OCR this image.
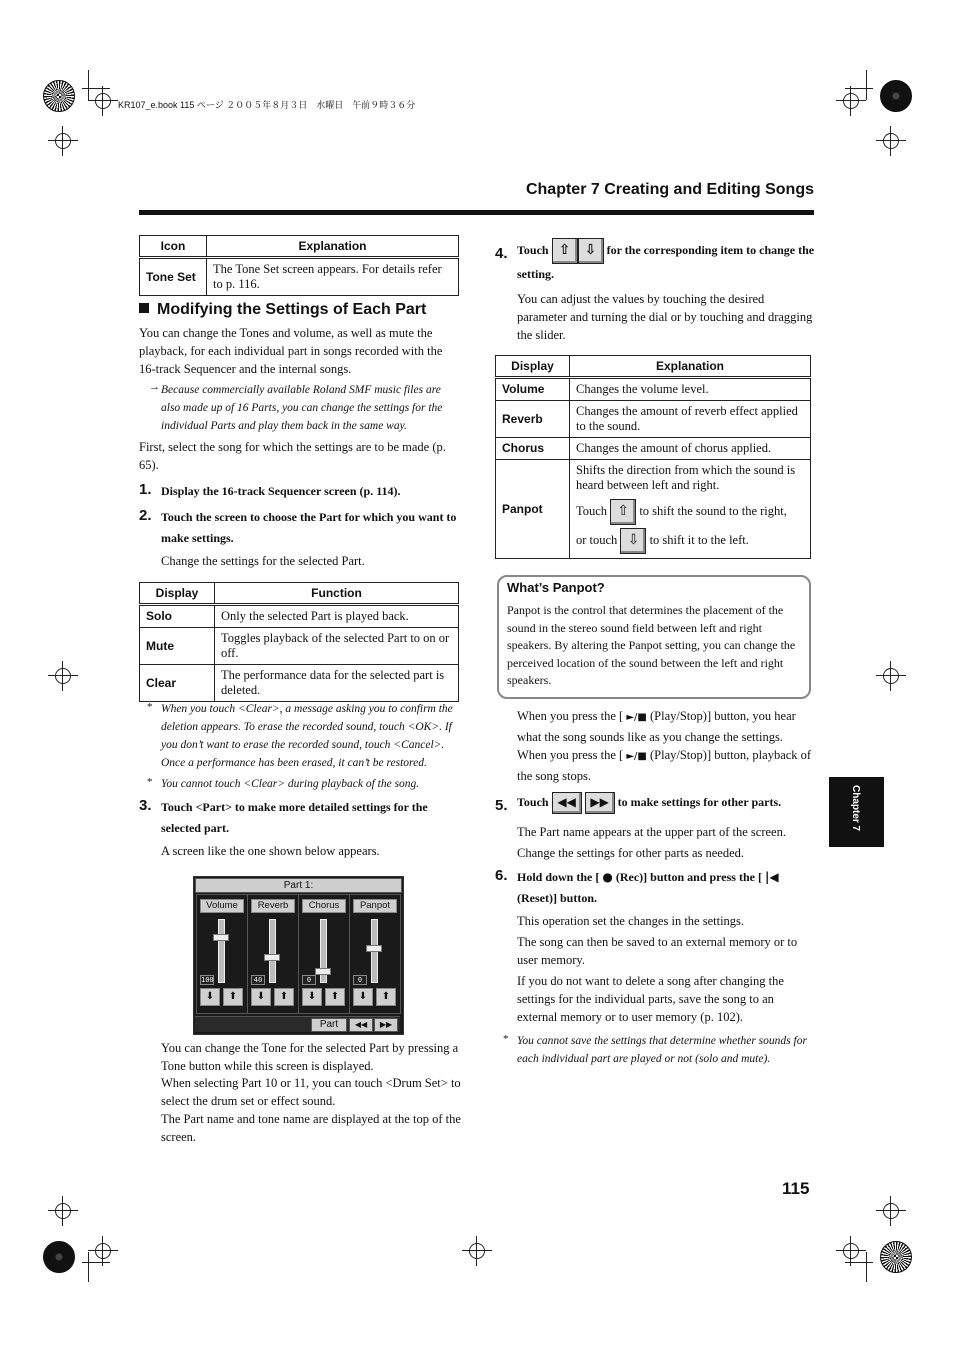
KR107_e.book 115 ページ ２００５年８月３日　水曜日　午前９時３６分
Chapter 7 Creating and Editing Songs
Chapter 7
115
Icon	Explanation
Tone Set	The Tone Set screen appears. For details refer to p. 116.
Modifying the Settings of Each Part

You can change the Tones and volume, as well as mute the playback, for each individual part in songs recorded with the 16-track Sequencer and the internal songs.

→ Because commercially available Roland SMF music files are also made up of 16 Parts, you can change the settings for the individual Parts and play them back in the same way.

First, select the song for which the settings are to be made (p. 65).

1. Display the 16-track Sequencer screen (p. 114).

2. Touch the screen to choose the Part for which you want to make settings.

Change the settings for the selected Part.

Display	Function
Solo	Only the selected Part is played back.
Mute	Toggles playback of the selected Part to on or off.
Clear	The performance data for the selected part is deleted.
* When you touch <Clear>, a message asking you to confirm the deletion appears. To erase the recorded sound, touch <OK>. If you don’t want to erase the recorded sound, touch <Cancel>. Once a performance has been erased, it can’t be restored.

* You cannot touch <Clear> during playback of the song.

3. Touch <Part> to make more detailed settings for the selected part.

A screen like the one shown below appears.

Part 1:
Volume
100
⬇	⬆
Reverb
40
⬇	⬆
Chorus
0
⬇	⬆
Panpot
0
⬇	⬆
Part	◀◀	▶▶

You can change the Tone for the selected Part by pressing a Tone button while this screen is displayed.

When selecting Part 10 or 11, you can touch <Drum Set> to select the drum set or effect sound.

The Part name and tone name are displayed at the top of the screen.

4. Touch ⇧ ⇩ for the corresponding item to change the setting.

You can adjust the values by touching the desired parameter and turning the dial or by touching and dragging the slider.

Display	Explanation
Volume	Changes the volume level.
Reverb	Changes the amount of reverb effect applied to the sound.
Chorus	Changes the amount of chorus applied.
Panpot	Shifts the direction from which the sound is heard between left and right.
Touch ⇧ to shift the sound to the right,
or touch ⇩ to shift it to the left.
What’s Panpot?

Panpot is the control that determines the placement of the sound in the stereo sound field between left and right speakers. By altering the Panpot setting, you can change the perceived location of the sound between the left and right speakers.

When you press the [ ►/■ (Play/Stop)] button, you hear what the song sounds like as you change the settings. When you press the [ ►/■ (Play/Stop)] button, playback of the song stops.
5. Touch ◀◀ ▶▶ to make settings for other parts.

The Part name appears at the upper part of the screen.

Change the settings for other parts as needed.

6. Hold down the [ ● (Rec)] button and press the [ |◀
(Reset)] button.

This operation set the changes in the settings.

The song can then be saved to an external memory or to user memory.

If you do not want to delete a song after changing the settings for the individual parts, save the song to an external memory or to user memory (p. 102).

* You cannot save the settings that determine whether sounds for each individual part are played or not (solo and mute).
